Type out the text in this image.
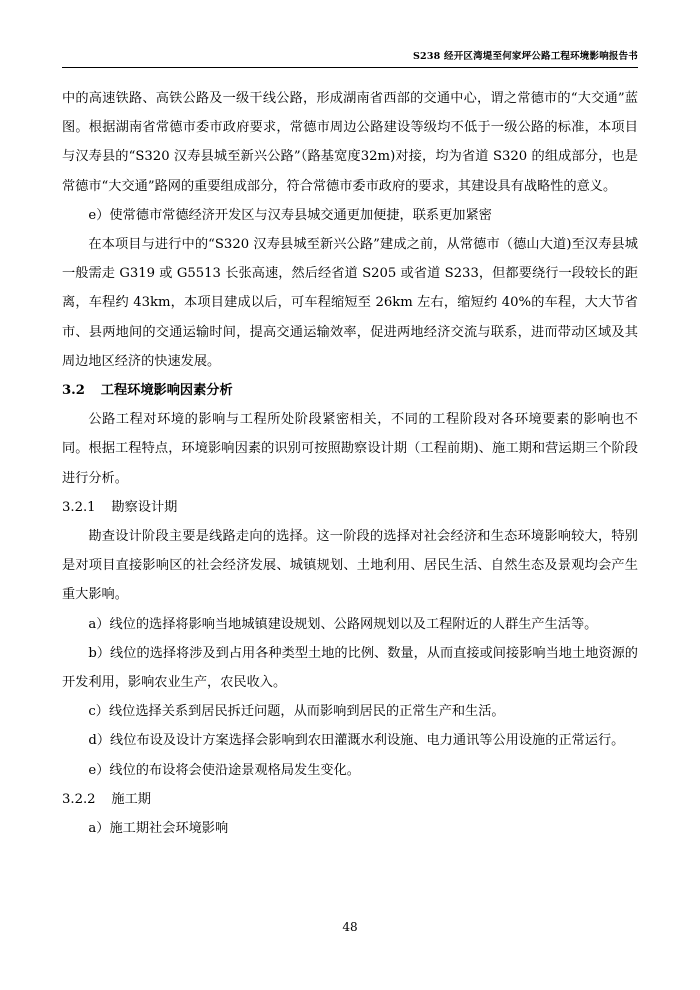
S238 经开区湾堤至何家坪公路工程环境影响报告书

中的高速铁路、高铁公路及一级干线公路，形成湖南省西部的交通中心，谓之常德市的“大交通”蓝图。根据湖南省常德市委市政府要求，常德市周边公路建设等级均不低于一级公路的标准，本项目与汉寿县的“S320 汉寿县城至新兴公路”（路基宽度32m)对接，均为省道 S320 的组成部分，也是常德市“大交通”路网的重要组成部分，符合常德市委市政府的要求，其建设具有战略性的意义。

e）使常德市常德经济开发区与汉寿县城交通更加便捷，联系更加紧密

在本项目与进行中的“S320 汉寿县城至新兴公路”建成之前，从常德市（德山大道)至汉寿县城一般需走 G319 或 G5513 长张高速，然后经省道 S205 或省道 S233，但都要绕行一段较长的距离，车程约 43km，本项目建成以后，可车程缩短至 26km 左右，缩短约 40%的车程，大大节省市、县两地间的交通运输时间，提高交通运输效率，促进两地经济交流与联系，进而带动区域及其周边地区经济的快速发展。

3.2 工程环境影响因素分析

公路工程对环境的影响与工程所处阶段紧密相关，不同的工程阶段对各环境要素的影响也不同。根据工程特点，环境影响因素的识别可按照勘察设计期（工程前期)、施工期和营运期三个阶段进行分析。

3.2.1 勘察设计期

勘查设计阶段主要是线路走向的选择。这一阶段的选择对社会经济和生态环境影响较大，特别是对项目直接影响区的社会经济发展、城镇规划、土地利用、居民生活、自然生态及景观均会产生重大影响。

a）线位的选择将影响当地城镇建设规划、公路网规划以及工程附近的人群生产生活等。

b）线位的选择将涉及到占用各种类型土地的比例、数量，从而直接或间接影响当地土地资源的开发利用，影响农业生产，农民收入。

c）线位选择关系到居民拆迁问题，从而影响到居民的正常生产和生活。

d）线位布设及设计方案选择会影响到农田灌溉水利设施、电力通讯等公用设施的正常运行。

e）线位的布设将会使沿途景观格局发生变化。

3.2.2 施工期

a）施工期社会环境影响

48
